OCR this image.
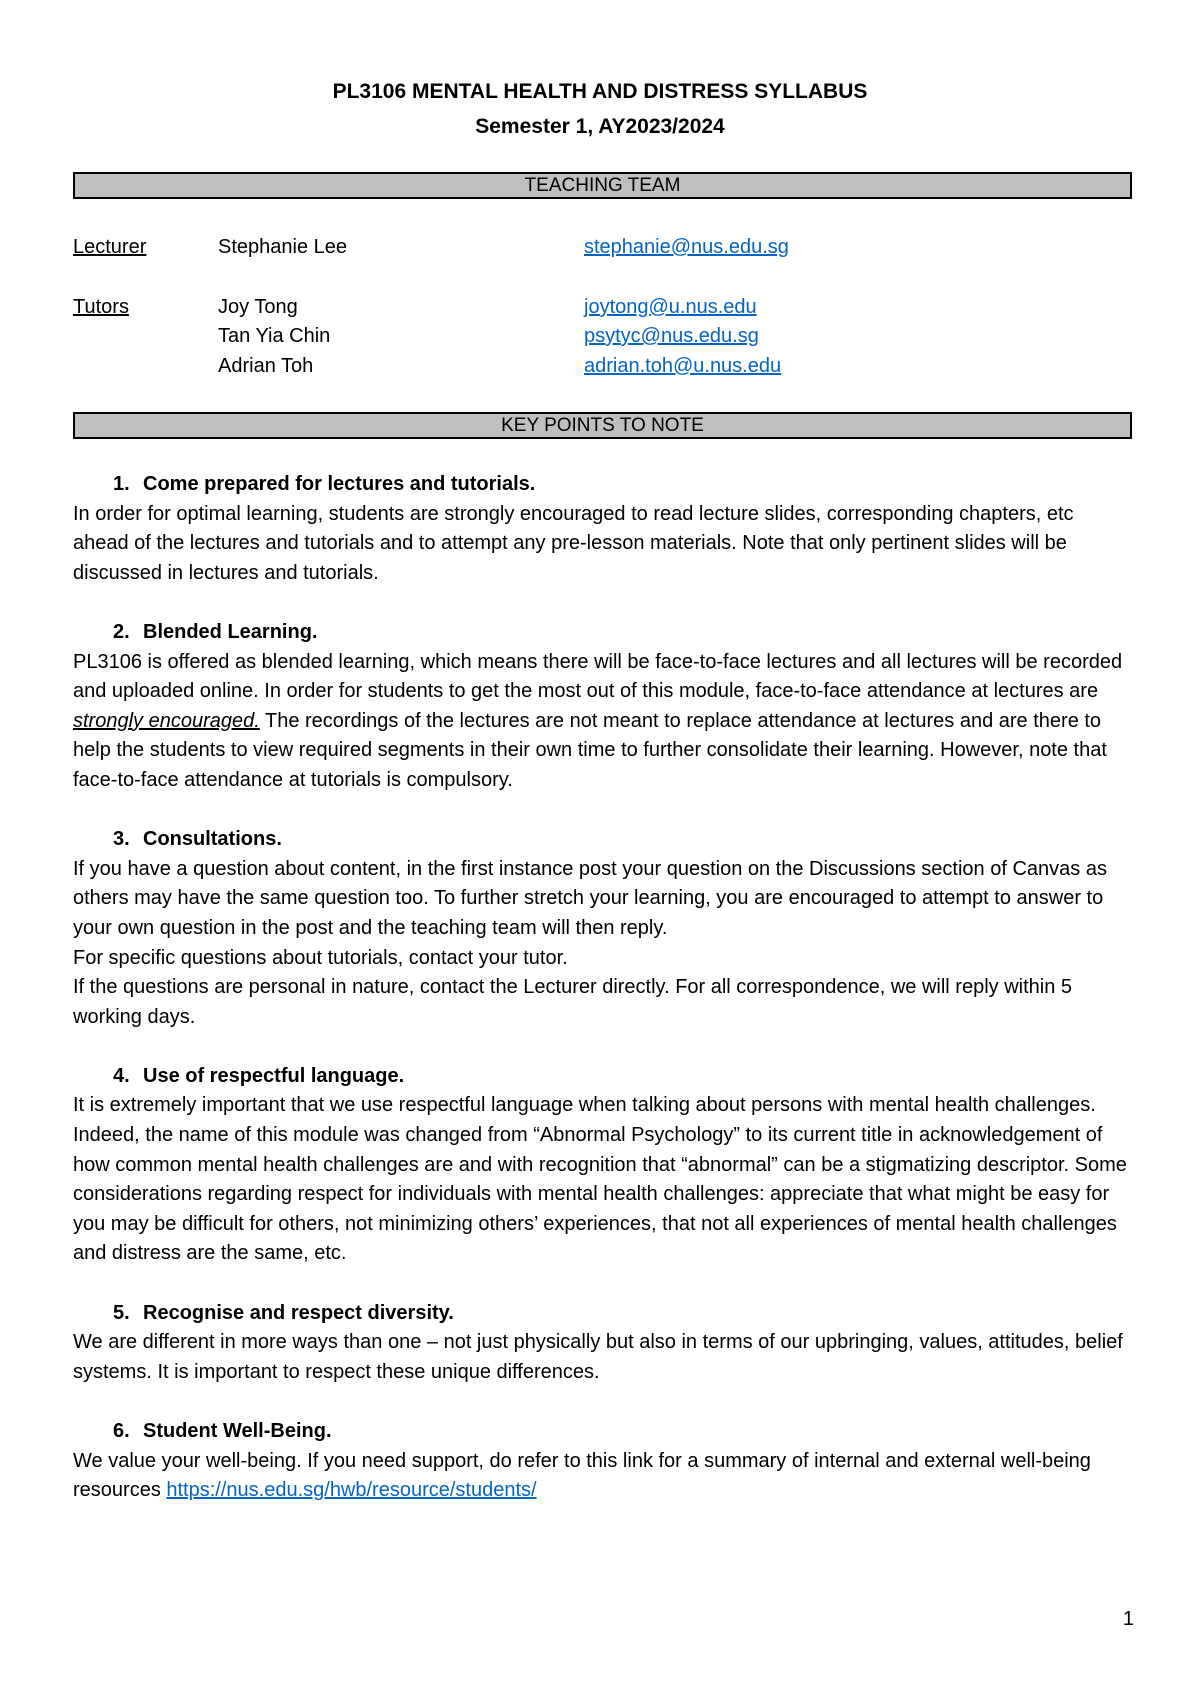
PL3106 MENTAL HEALTH AND DISTRESS SYLLABUS
Semester 1, AY2023/2024
TEACHING TEAM
Lecturer	Stephanie Lee	stephanie@nus.edu.sg
Tutors	Joy Tong	joytong@u.nus.edu
Tan Yia Chin	psytyc@nus.edu.sg
Adrian Toh	adrian.toh@u.nus.edu
KEY POINTS TO NOTE
1. Come prepared for lectures and tutorials.
In order for optimal learning, students are strongly encouraged to read lecture slides, corresponding chapters, etc ahead of the lectures and tutorials and to attempt any pre-lesson materials. Note that only pertinent slides will be discussed in lectures and tutorials.
2. Blended Learning.
PL3106 is offered as blended learning, which means there will be face-to-face lectures and all lectures will be recorded and uploaded online. In order for students to get the most out of this module, face-to-face attendance at lectures are strongly encouraged. The recordings of the lectures are not meant to replace attendance at lectures and are there to help the students to view required segments in their own time to further consolidate their learning. However, note that face-to-face attendance at tutorials is compulsory.
3. Consultations.
If you have a question about content, in the first instance post your question on the Discussions section of Canvas as others may have the same question too. To further stretch your learning, you are encouraged to attempt to answer to your own question in the post and the teaching team will then reply.
For specific questions about tutorials, contact your tutor.
If the questions are personal in nature, contact the Lecturer directly. For all correspondence, we will reply within 5 working days.
4. Use of respectful language.
It is extremely important that we use respectful language when talking about persons with mental health challenges. Indeed, the name of this module was changed from “Abnormal Psychology” to its current title in acknowledgement of how common mental health challenges are and with recognition that “abnormal” can be a stigmatizing descriptor. Some considerations regarding respect for individuals with mental health challenges: appreciate that what might be easy for you may be difficult for others, not minimizing others’ experiences, that not all experiences of mental health challenges and distress are the same, etc.
5. Recognise and respect diversity.
We are different in more ways than one – not just physically but also in terms of our upbringing, values, attitudes, belief systems. It is important to respect these unique differences.
6. Student Well-Being.
We value your well-being. If you need support, do refer to this link for a summary of internal and external well-being resources https://nus.edu.sg/hwb/resource/students/
1
